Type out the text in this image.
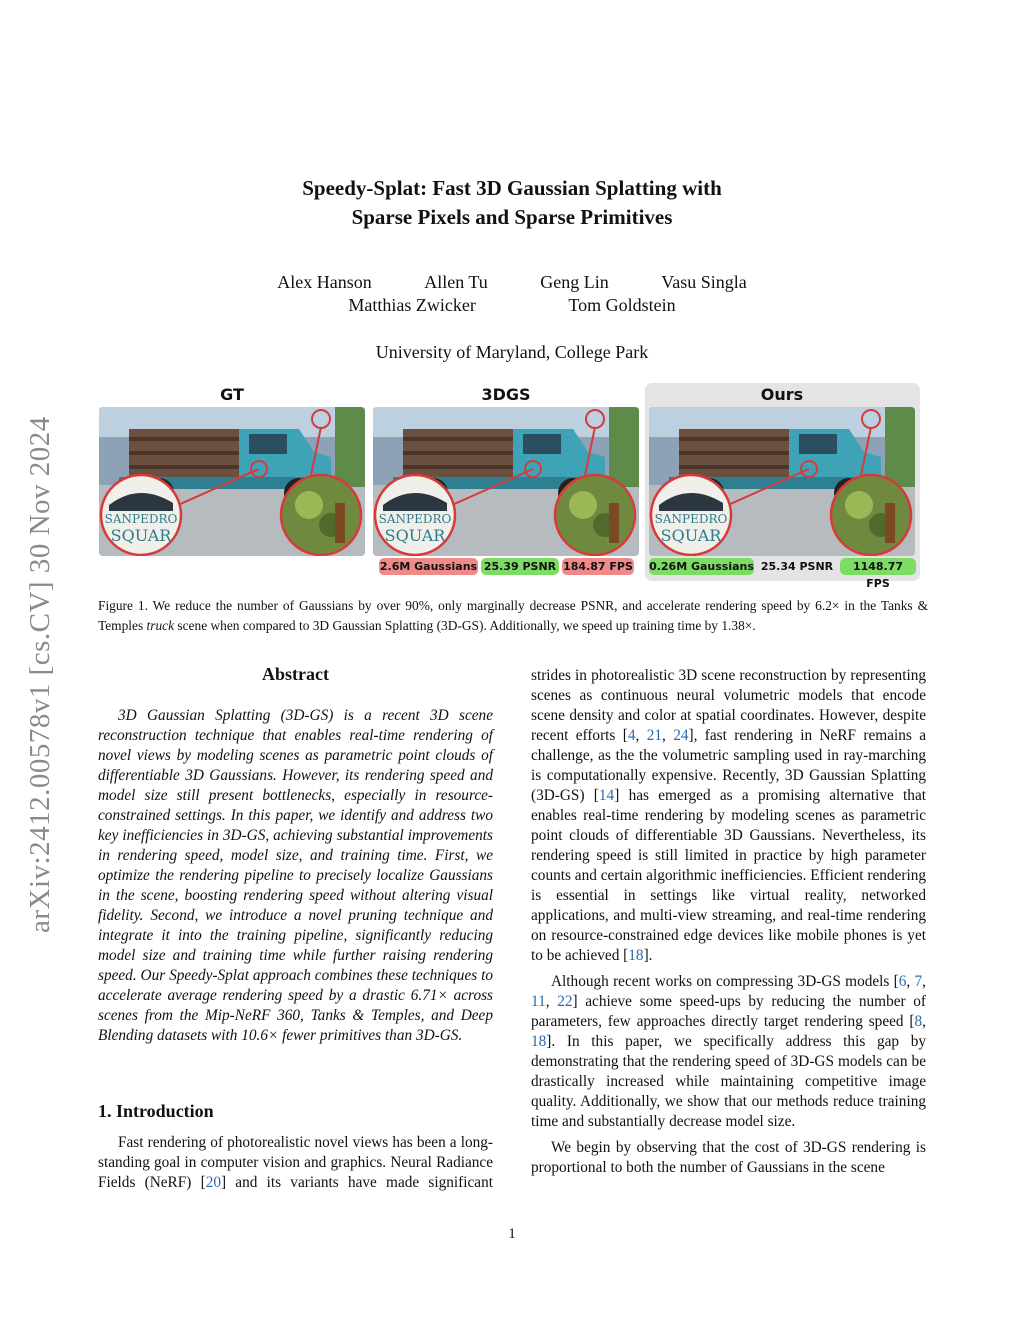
arXiv:2412.00578v1 [cs.CV] 30 Nov 2024
Speedy-Splat: Fast 3D Gaussian Splatting with
Sparse Pixels and Sparse Primitives
Alex Hanson	Allen Tu	Geng Lin	Vasu Singla
Matthias Zwicker	Tom Goldstein
University of Maryland, College Park
GT	3DGS	Ours
SANPEDRO
SQUAR
SANPEDRO
SQUAR
SANPEDRO
SQUAR
2.6M Gaussians 25.39 PSNR 184.87 FPS 0.26M Gaussians 25.34 PSNR	1148.77 FPS
Figure 1. We reduce the number of Gaussians by over 90%, only marginally decrease PSNR, and accelerate rendering speed by 6.2× in the Tanks & Temples truck scene when compared to 3D Gaussian Splatting (3D-GS). Additionally, we speed up training time by 1.38×.
Abstract

3D Gaussian Splatting (3D-GS) is a recent 3D scene reconstruction technique that enables real-time rendering of novel views by modeling scenes as parametric point clouds of differentiable 3D Gaussians. However, its rendering speed and model size still present bottlenecks, especially in resource-constrained settings. In this paper, we identify and address two key inefficiencies in 3D-GS, achieving substantial improvements in rendering speed, model size, and training time. First, we optimize the rendering pipeline to precisely localize Gaussians in the scene, boosting rendering speed without altering visual fidelity. Second, we introduce a novel pruning technique and integrate it into the training pipeline, significantly reducing model size and training time while further raising rendering speed. Our Speedy-Splat approach combines these techniques to accelerate average rendering speed by a drastic 6.71× across scenes from the Mip-NeRF 360, Tanks & Temples, and Deep Blending datasets with 10.6× fewer primitives than 3D-GS.

1. Introduction

Fast rendering of photorealistic novel views has been a long-standing goal in computer vision and graphics. Neural Radiance Fields (NeRF) [20] and its variants have made significant

strides in photorealistic 3D scene reconstruction by representing scenes as continuous neural volumetric models that encode scene density and color at spatial coordinates. However, despite recent efforts [4, 21, 24], fast rendering in NeRF remains a challenge, as the the volumetric sampling used in ray-marching is computationally expensive. Recently, 3D Gaussian Splatting (3D-GS) [14] has emerged as a promising alternative that enables real-time rendering by modeling scenes as parametric point clouds of differentiable 3D Gaussians. Nevertheless, its rendering speed is still limited in practice by high parameter counts and certain algorithmic inefficiencies. Efficient rendering is essential in settings like virtual reality, networked applications, and multi-view streaming, and real-time rendering on resource-constrained edge devices like mobile phones is yet to be achieved [18].

Although recent works on compressing 3D-GS models [6, 7, 11, 22] achieve some speed-ups by reducing the number of parameters, few approaches directly target rendering speed [8, 18]. In this paper, we specifically address this gap by demonstrating that the rendering speed of 3D-GS models can be drastically increased while maintaining competitive image quality. Additionally, we show that our methods reduce training time and substantially decrease model size.

We begin by observing that the cost of 3D-GS rendering is proportional to both the number of Gaussians in the scene

1
